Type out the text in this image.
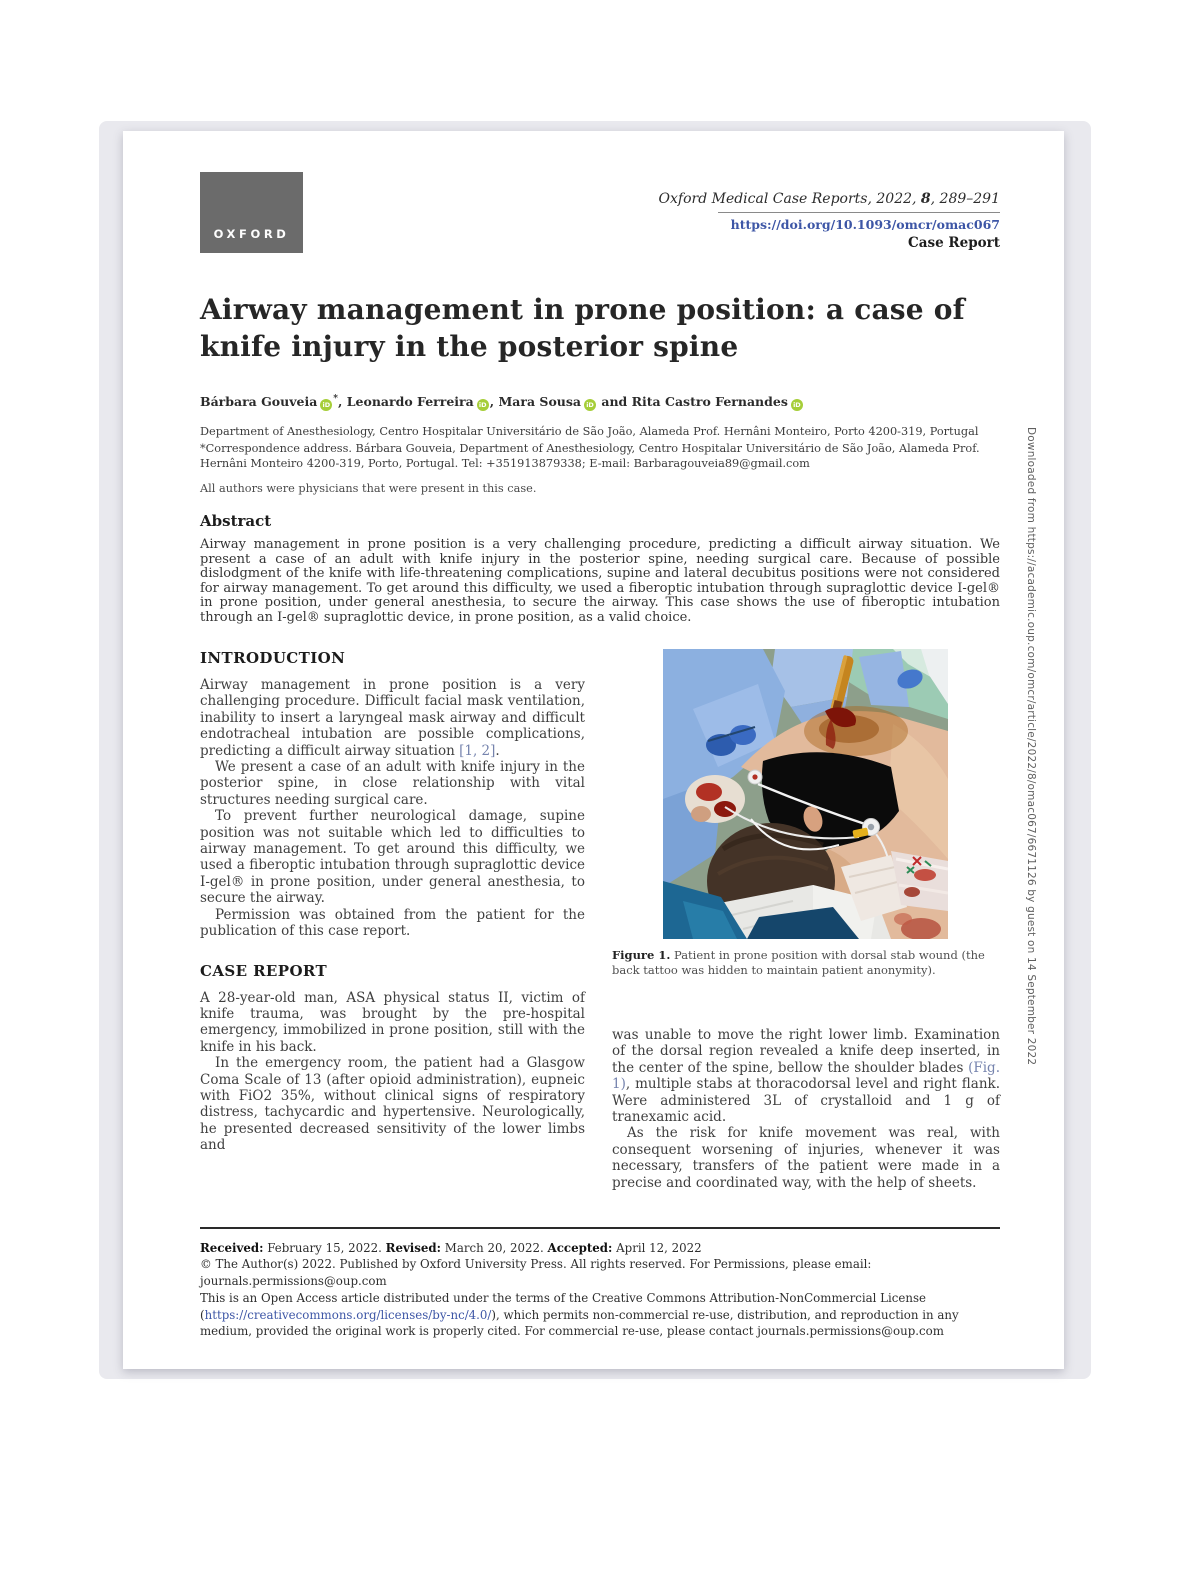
OXFORD
Oxford Medical Case Reports, 2022, 8, 289–291
https://doi.org/10.1093/omcr/omac067
Case Report
Airway management in prone position: a case of knife injury in the posterior spine
Bárbara Gouveia iD*, Leonardo Ferreira iD , Mara Sousa iD and Rita Castro Fernandes iD
Department of Anesthesiology, Centro Hospitalar Universitário de São João, Alameda Prof. Hernâni Monteiro, Porto 4200-319, Portugal
*Correspondence address. Bárbara Gouveia, Department of Anesthesiology, Centro Hospitalar Universitário de São João, Alameda Prof. Hernâni Monteiro 4200-319, Porto, Portugal. Tel: +351913879338; E-mail: Barbaragouveia89@gmail.com
All authors were physicians that were present in this case.
Abstract

Airway management in prone position is a very challenging procedure, predicting a difficult airway situation. We present a case of an adult with knife injury in the posterior spine, needing surgical care. Because of possible dislodgment of the knife with life-threatening complications, supine and lateral decubitus positions were not considered for airway management. To get around this difficulty, we used a fiberoptic intubation through supraglottic device I-gel® in prone position, under general anesthesia, to secure the airway. This case shows the use of fiberoptic intubation through an I-gel® supraglottic device, in prone position, as a valid choice.

INTRODUCTION

Airway management in prone position is a very challenging procedure. Difficult facial mask ventilation, inability to insert a laryngeal mask airway and difficult endotracheal intubation are possible complications, predicting a difficult airway situation [1, 2].

We present a case of an adult with knife injury in the posterior spine, in close relationship with vital structures needing surgical care.

To prevent further neurological damage, supine position was not suitable which led to difficulties to airway management. To get around this difficulty, we used a fiberoptic intubation through supraglottic device I-gel® in prone position, under general anesthesia, to secure the airway.

Permission was obtained from the patient for the publication of this case report.

CASE REPORT

A 28-year-old man, ASA physical status II, victim of knife trauma, was brought by the pre-hospital emergency, immobilized in prone position, still with the knife in his back.

In the emergency room, the patient had a Glasgow Coma Scale of 13 (after opioid administration), eupneic with FiO2 35%, without clinical signs of respiratory distress, tachycardic and hypertensive. Neurologically, he presented decreased sensitivity of the lower limbs and

Figure 1. Patient in prone position with dorsal stab wound (the back tattoo was hidden to maintain patient anonymity).

was unable to move the right lower limb. Examination of the dorsal region revealed a knife deep inserted, in the center of the spine, bellow the shoulder blades (Fig. 1), multiple stabs at thoracodorsal level and right flank. Were administered 3L of crystalloid and 1 g of tranexamic acid.

As the risk for knife movement was real, with consequent worsening of injuries, whenever it was necessary, transfers of the patient were made in a precise and coordinated way, with the help of sheets.

Received: February 15, 2022. Revised: March 20, 2022. Accepted: April 12, 2022

© The Author(s) 2022. Published by Oxford University Press. All rights reserved. For Permissions, please email: journals.permissions@oup.com

This is an Open Access article distributed under the terms of the Creative Commons Attribution-NonCommercial License (https://creativecommons.org/licenses/by-nc/4.0/), which permits non-commercial re-use, distribution, and reproduction in any medium, provided the original work is properly cited. For commercial re-use, please contact journals.permissions@oup.com

Downloaded from https://academic.oup.com/omcr/article/2022/8/omac067/6671126 by guest on 14 September 2022
